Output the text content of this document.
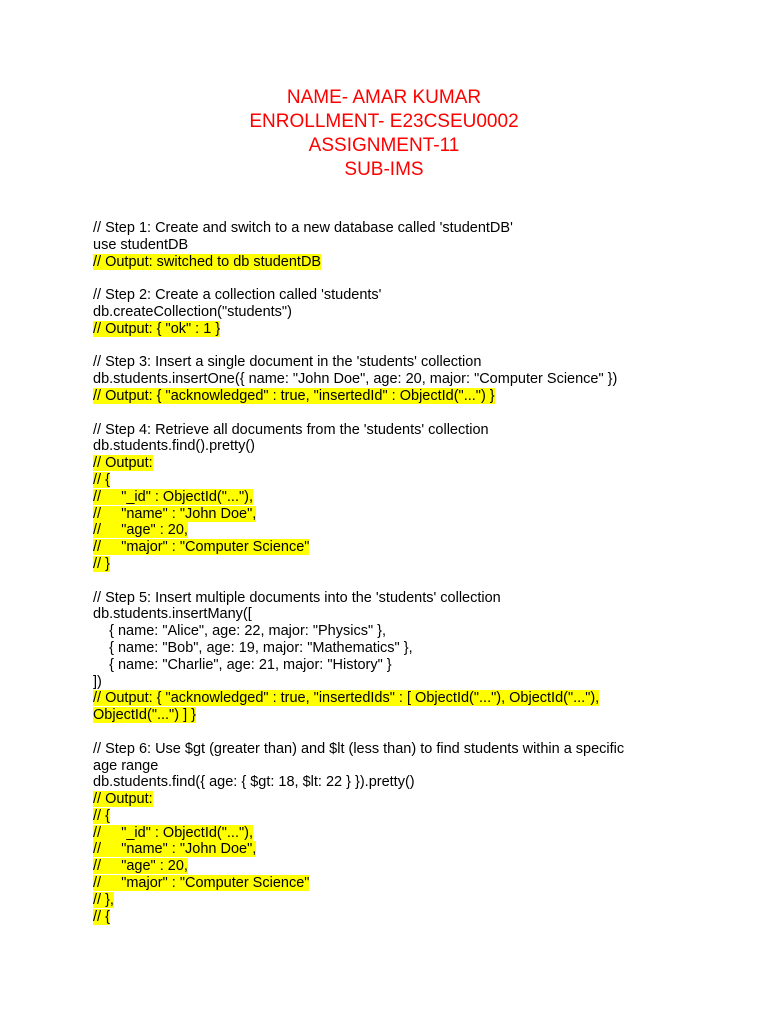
NAME- AMAR KUMAR
ENROLLMENT- E23CSEU0002
ASSIGNMENT-11
SUB-IMS
// Step 1: Create and switch to a new database called 'studentDB'
use studentDB
// Output: switched to db studentDB
// Step 2: Create a collection called 'students'
db.createCollection("students")
// Output: { "ok" : 1 }
// Step 3: Insert a single document in the 'students' collection
db.students.insertOne({ name: "John Doe", age: 20, major: "Computer Science" })
// Output: { "acknowledged" : true, "insertedId" : ObjectId("...") }
// Step 4: Retrieve all documents from the 'students' collection
db.students.find().pretty()
// Output:
// {
//     "_id" : ObjectId("..."),
//     "name" : "John Doe",
//     "age" : 20,
//     "major" : "Computer Science"
// }
// Step 5: Insert multiple documents into the 'students' collection
db.students.insertMany([
{ name: "Alice", age: 22, major: "Physics" },
{ name: "Bob", age: 19, major: "Mathematics" },
{ name: "Charlie", age: 21, major: "History" }
])
// Output: { "acknowledged" : true, "insertedIds" : [ ObjectId("..."), ObjectId("..."),
ObjectId("...") ] }
// Step 6: Use $gt (greater than) and $lt (less than) to find students within a specific
age range
db.students.find({ age: { $gt: 18, $lt: 22 } }).pretty()
// Output:
// {
//     "_id" : ObjectId("..."),
//     "name" : "John Doe",
//     "age" : 20,
//     "major" : "Computer Science"
// },
// {
